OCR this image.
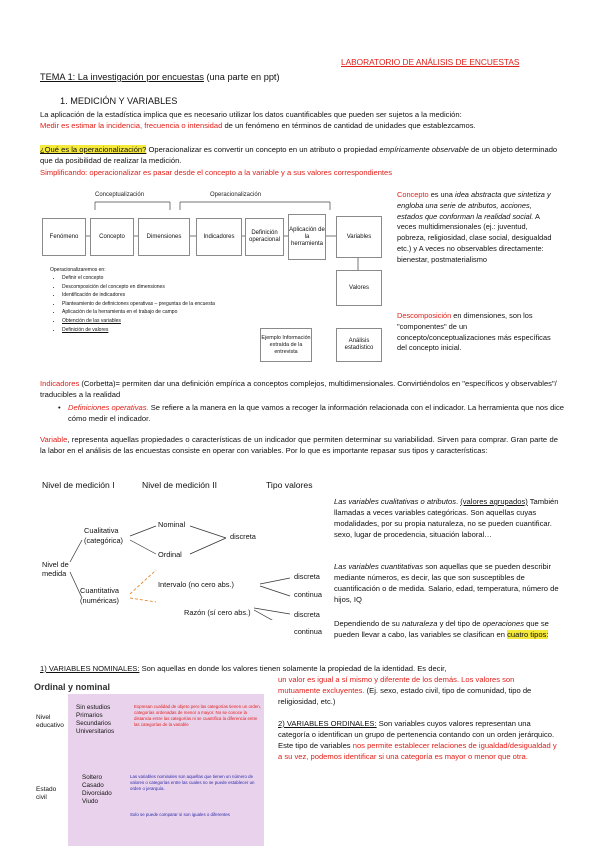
LABORATORIO DE ANÁLISIS DE ENCUESTAS
TEMA 1: La investigación por encuestas (una parte en ppt)
1. MEDICIÓN Y VARIABLES
La aplicación de la estadística implica que es necesario utilizar los datos cuantificables que pueden ser sujetos a la medición:
Medir es estimar la incidencia, frecuencia o intensidad de un fenómeno en términos de cantidad de unidades que establezcamos.
¿Qué es la operacionalización? Operacionalizar es convertir un concepto en un atributo o propiedad empíricamente observable de un objeto determinado que da posibilidad de realizar la medición.
Simplificando: operacionalizar es pasar desde el concepto a la variable y a sus valores correspondientes
Conceptualización	Operacionalización
Fenómeno	Concepto	Dimensiones	Indicadores
Definición operacional
Aplicación de la herramienta
Variables
Valores
Ejemplo Información extraída de la entrevista
Análisis estadístico
Operacionalizaremos en:
• Definir el concepto
• Descomposición del concepto en dimensiones
• Identificación de indicadores
• Planteamiento de definiciones operativas – preguntas de la encuesta
• Aplicación de la herramienta en el trabajo de campo
• Obtención de las variables
• Definición de valores
Concepto es una idea abstracta que sintetiza y engloba una serie de atributos, acciones, estados que conforman la realidad social. A veces multidimensionales (ej.: juventud, pobreza, religiosidad, clase social, desigualdad etc.) y A veces no observables directamente: bienestar, postmaterialismo
Descomposición en dimensiones, son los "componentes" de un concepto/conceptualizaciones más específicas del concepto inicial.
Indicadores (Corbetta)= permiten dar una definición empírica a conceptos complejos, multidimensionales. Convirtiéndolos en "específicos y observables"/ traducibles a la realidad
• Definiciones operativas. Se refiere a la manera en la que vamos a recoger la información relacionada con el indicador. La herramienta que nos dice cómo medir el indicador.
Variable, representa aquellas propiedades o características de un indicador que permiten determinar su variabilidad. Sirven para comprar. Gran parte de la labor en el análisis de las encuestas consiste en operar con variables. Por lo que es importante repasar sus tipos y características:
Nivel de medición I	Nivel de medición II	Tipo valores
Nivel de medida
Cualitativa (categórica)
Cuantitativa (numéricas)
Nominal
Ordinal
discreta
Intervalo (no cero abs.)
discreta
continua
Razón (sí cero abs.)	discreta
continua
Las variables cualitativas o atributos. (valores agrupados) También llamadas a veces variables categóricas. Son aquellas cuyas modalidades, por su propia naturaleza, no se pueden cuantificar. sexo, lugar de procedencia, situación laboral…
Las variables cuantitativas son aquellas que se pueden describir mediante números, es decir, las que son susceptibles de cuantificación o de medida. Salario, edad, temperatura, número de hijos, IQ
Dependiendo de su naturaleza y del tipo de operaciones que se pueden llevar a cabo, las variables se clasifican en cuatro tipos:
1) VARIABLES NOMINALES: Son aquellas en donde los valores tienen solamente la propiedad de la identidad. Es decir,
un valor es igual a sí mismo y diferente de los demás. Los valores son mutuamente excluyentes. (Ej. sexo, estado civil, tipo de comunidad, tipo de religiosidad, etc.)
Ordinal y nominal
Nivel educativo
Sin estudios
Primarios
Secundarios
Universitarios
Expresan cualidad de objeto pero las categorías tienen un orden, categorías ordenadas de menor a mayor. No se conoce la distancia entre las categorías ni se cuantifica la diferencia entre las categorías de la variable
Estado civil
Soltero
Casado
Divorciado
Viudo
Las variables nominales son aquellas que tienen un número de valores o categorías entre las cuales no se puede establecer un orden o jerarquía.
Solo se puede comparar si son iguales o diferentes
2) VARIABLES ORDINALES: Son variables cuyos valores representan una categoría o identifican un grupo de pertenencia contando con un orden jerárquico. Este tipo de variables nos permite establecer relaciones de igualdad/desigualdad y a su vez, podemos identificar si una categoría es mayor o menor que otra.
